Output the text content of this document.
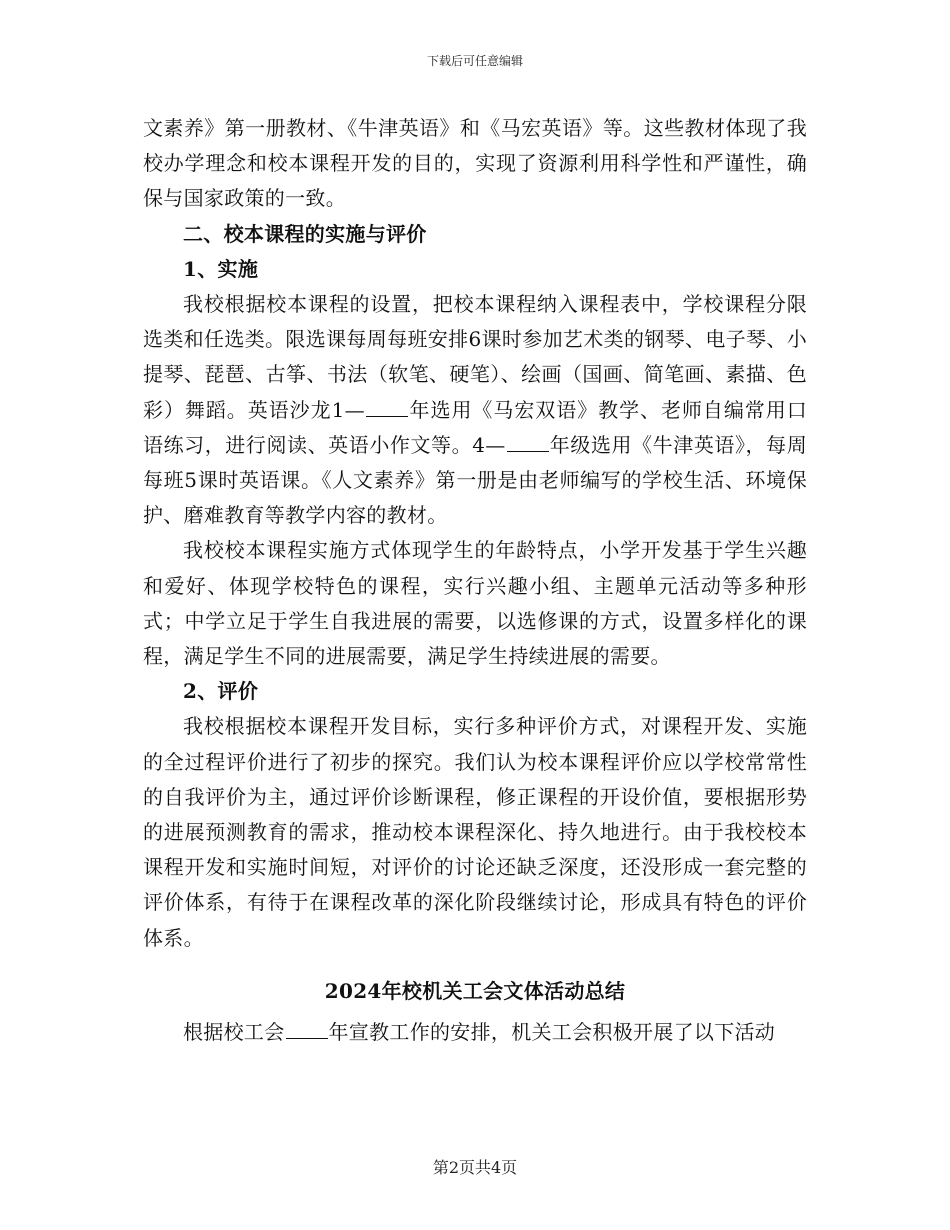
下载后可任意编辑

文素养》第一册教材、《牛津英语》和《马宏英语》等。这些教材体现了我校办学理念和校本课程开发的目的，实现了资源利用科学性和严谨性，确保与国家政策的一致。

二、校本课程的实施与评价

1、实施

我校根据校本课程的设置，把校本课程纳入课程表中，学校课程分限选类和任选类。限选课每周每班安排6课时参加艺术类的钢琴、电子琴、小提琴、琵琶、古筝、书法（软笔、硬笔）、绘画（国画、简笔画、素描、色彩）舞蹈。英语沙龙1— 年选用《马宏双语》教学、老师自编常用口语练习，进行阅读、英语小作文等。4— 年级选用《牛津英语》，每周每班5课时英语课。《人文素养》第一册是由老师编写的学校生活、环境保护、磨难教育等教学内容的教材。

我校校本课程实施方式体现学生的年龄特点，小学开发基于学生兴趣和爱好、体现学校特色的课程，实行兴趣小组、主题单元活动等多种形式；中学立足于学生自我进展的需要，以选修课的方式，设置多样化的课程，满足学生不同的进展需要，满足学生持续进展的需要。

2、评价

我校根据校本课程开发目标，实行多种评价方式，对课程开发、实施的全过程评价进行了初步的探究。我们认为校本课程评价应以学校常常性的自我评价为主，通过评价诊断课程，修正课程的开设价值，要根据形势的进展预测教育的需求，推动校本课程深化、持久地进行。由于我校校本课程开发和实施时间短，对评价的讨论还缺乏深度，还没形成一套完整的评价体系，有待于在课程改革的深化阶段继续讨论，形成具有特色的评价体系。

2024年校机关工会文体活动总结

根据校工会 年宣教工作的安排，机关工会积极开展了以下活动

第2页共4页
